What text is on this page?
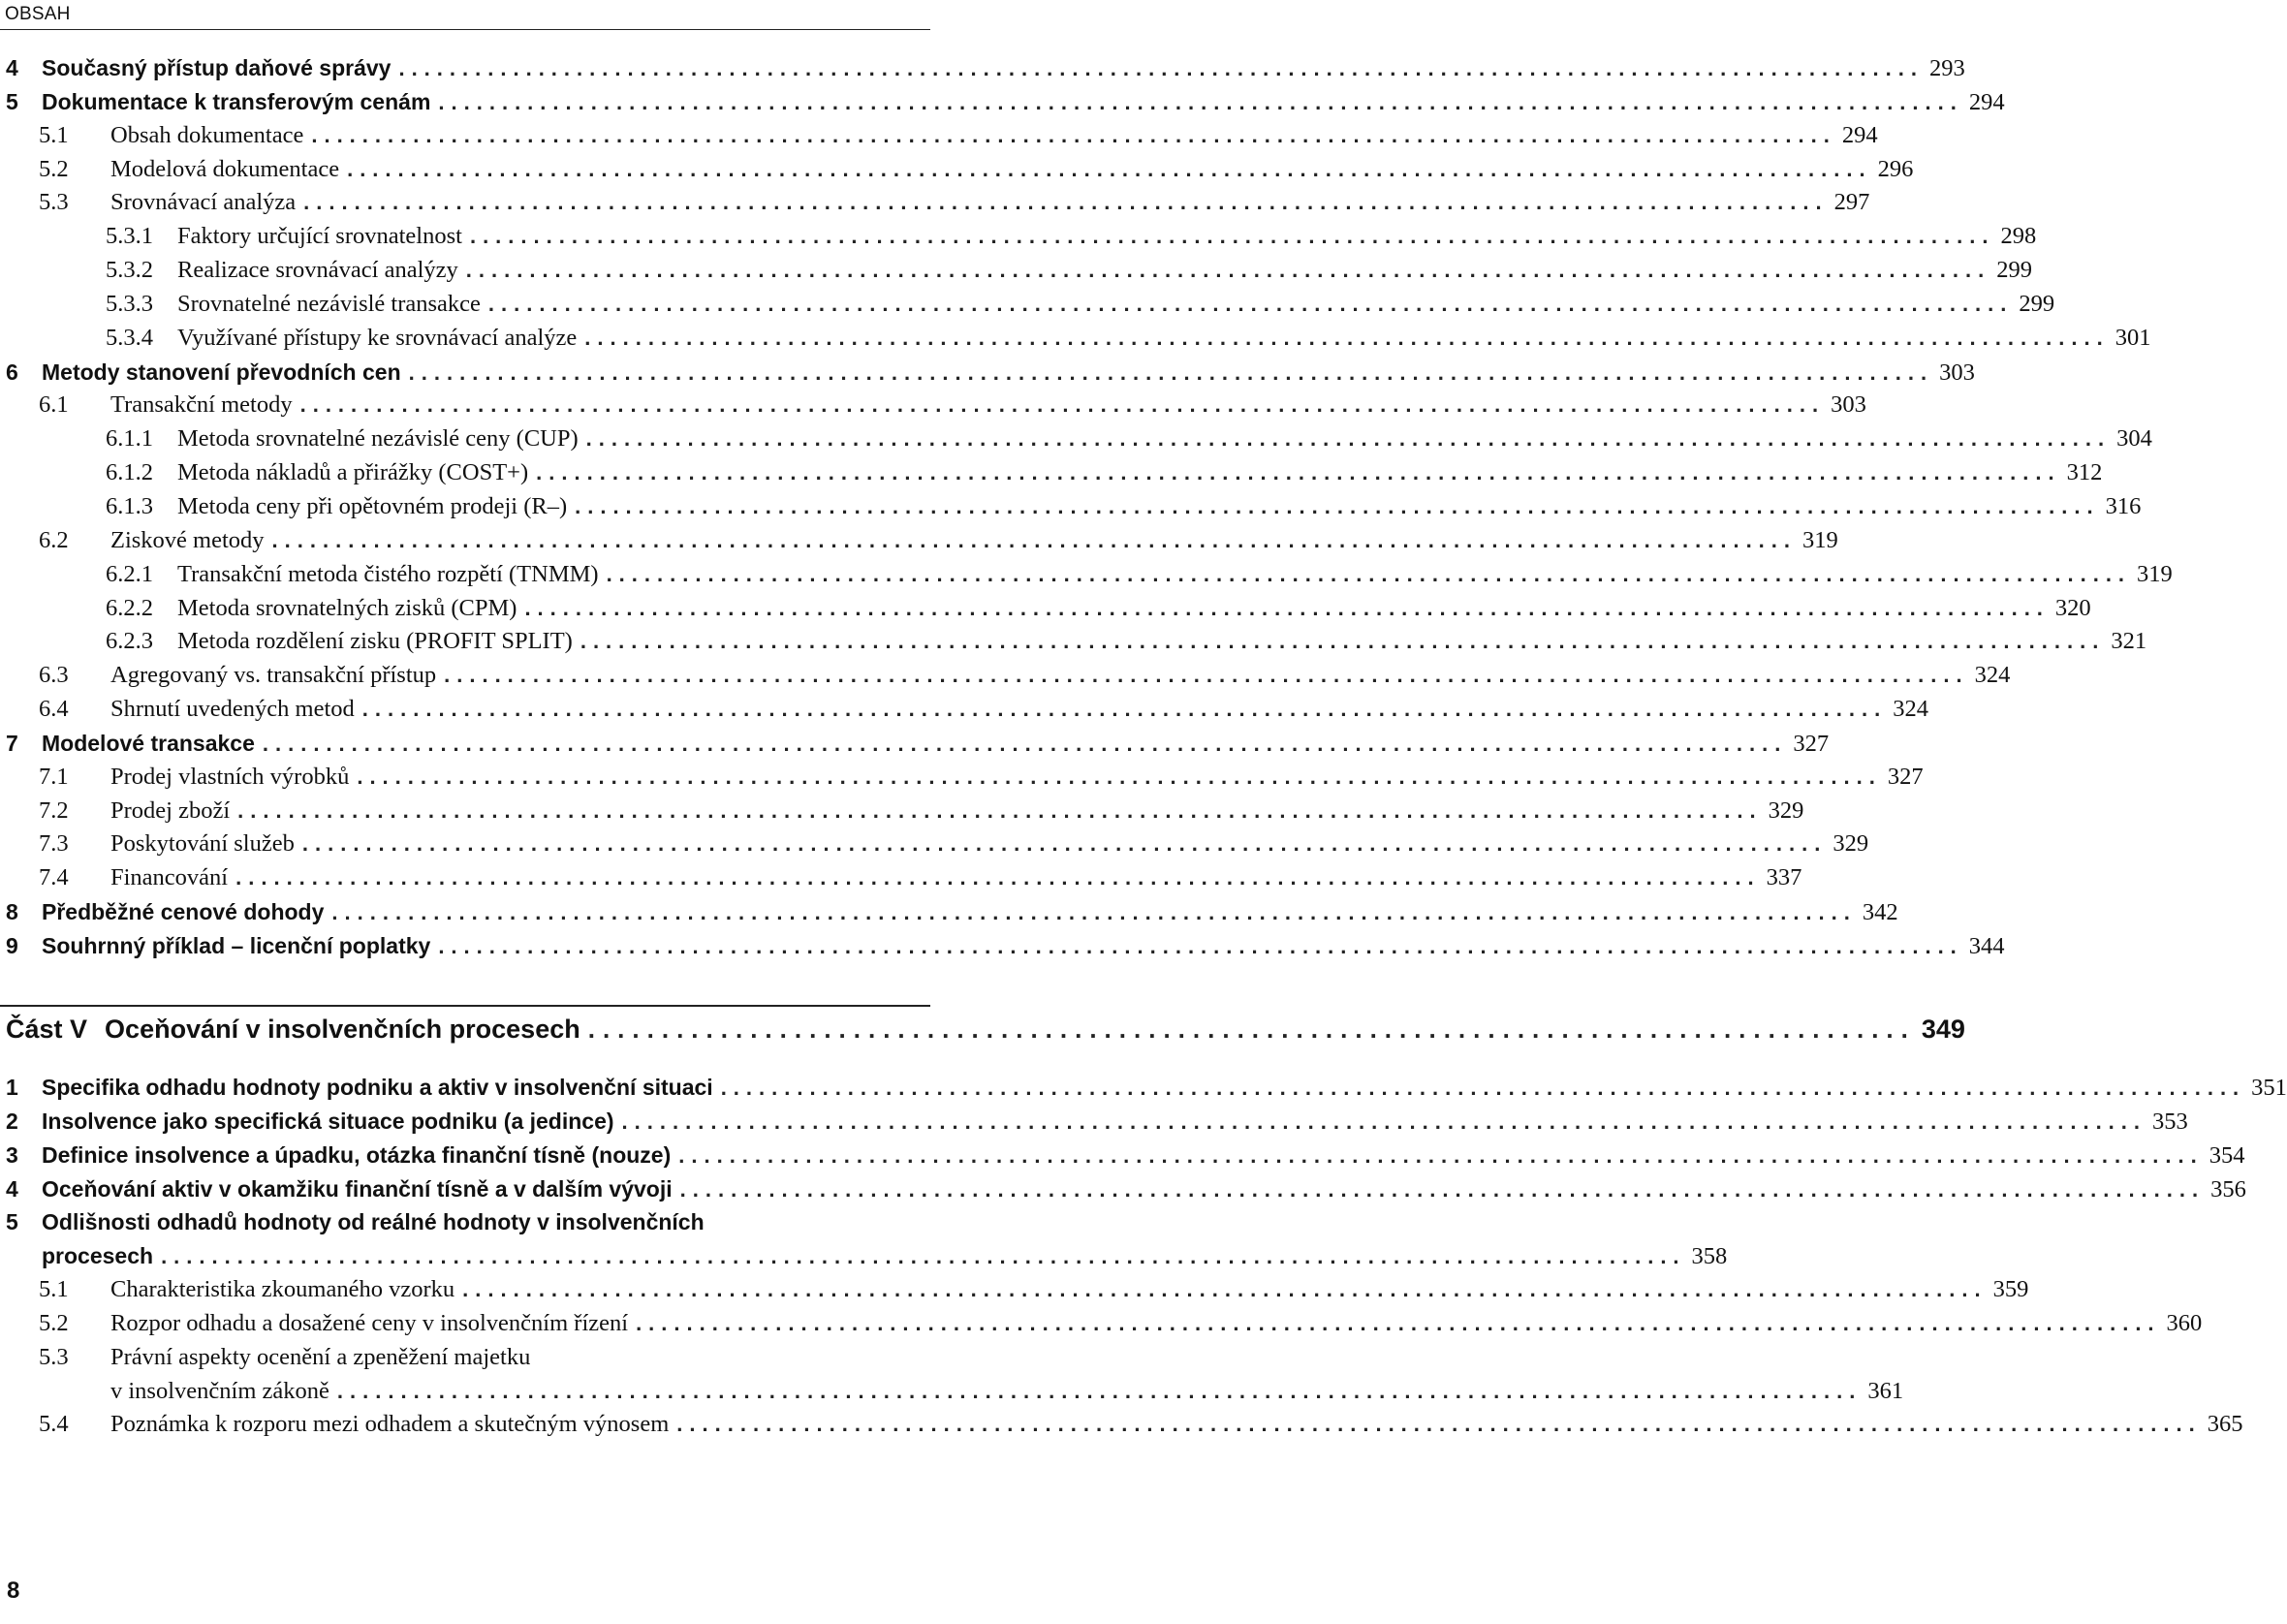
OBSAH
4 Současný přístup daňové správy ........................................................................................................................ 293
5 Dokumentace k transferovým cenám ........................................................................................................................ 294
5.1 Obsah dokumentace ........................................................................................................................ 294
5.2 Modelová dokumentace ........................................................................................................................ 296
5.3 Srovnávací analýza ........................................................................................................................ 297
5.3.1 Faktory určující srovnatelnost ........................................................................................................................ 298
5.3.2 Realizace srovnávací analýzy ........................................................................................................................ 299
5.3.3 Srovnatelné nezávislé transakce ........................................................................................................................ 299
5.3.4 Využívané přístupy ke srovnávací analýze ........................................................................................................................ 301
6 Metody stanovení převodních cen ........................................................................................................................ 303
6.1 Transakční metody ........................................................................................................................ 303
6.1.1 Metoda srovnatelné nezávislé ceny (CUP) ........................................................................................................................ 304
6.1.2 Metoda nákladů a přirážky (COST+) ........................................................................................................................ 312
6.1.3 Metoda ceny při opětovném prodeji (R–) ........................................................................................................................ 316
6.2 Ziskové metody ........................................................................................................................ 319
6.2.1 Transakční metoda čistého rozpětí (TNMM) ........................................................................................................................ 319
6.2.2 Metoda srovnatelných zisků (CPM) ........................................................................................................................ 320
6.2.3 Metoda rozdělení zisku (PROFIT SPLIT) ........................................................................................................................ 321
6.3 Agregovaný vs. transakční přístup ........................................................................................................................ 324
6.4 Shrnutí uvedených metod ........................................................................................................................ 324
7 Modelové transakce ........................................................................................................................ 327
7.1 Prodej vlastních výrobků ........................................................................................................................ 327
7.2 Prodej zboží ........................................................................................................................ 329
7.3 Poskytování služeb ........................................................................................................................ 329
7.4 Financování ........................................................................................................................ 337
8 Předběžné cenové dohody ........................................................................................................................ 342
9 Souhrnný příklad – licenční poplatky ........................................................................................................................ 344
Část V Oceňování v insolvenčních procesech .......................................................................................... 349
1 Specifika odhadu hodnoty podniku a aktiv v insolvenční situaci ........................................................................................................................ 351
2 Insolvence jako specifická situace podniku (a jedince) ........................................................................................................................ 353
3 Definice insolvence a úpadku, otázka finanční tísně (nouze) ........................................................................................................................ 354
4 Oceňování aktiv v okamžiku finanční tísně a v dalším vývoji ........................................................................................................................ 356
5 Odlišnosti odhadů hodnoty od reálné hodnoty v insolvenčních
procesech ........................................................................................................................ 358
5.1 Charakteristika zkoumaného vzorku ........................................................................................................................ 359
5.2 Rozpor odhadu a dosažené ceny v insolvenčním řízení ........................................................................................................................ 360
5.3 Právní aspekty ocenění a zpeněžení majetku
v insolvenčním zákoně ........................................................................................................................ 361
5.4 Poznámka k rozporu mezi odhadem a skutečným výnosem ........................................................................................................................ 365
8
